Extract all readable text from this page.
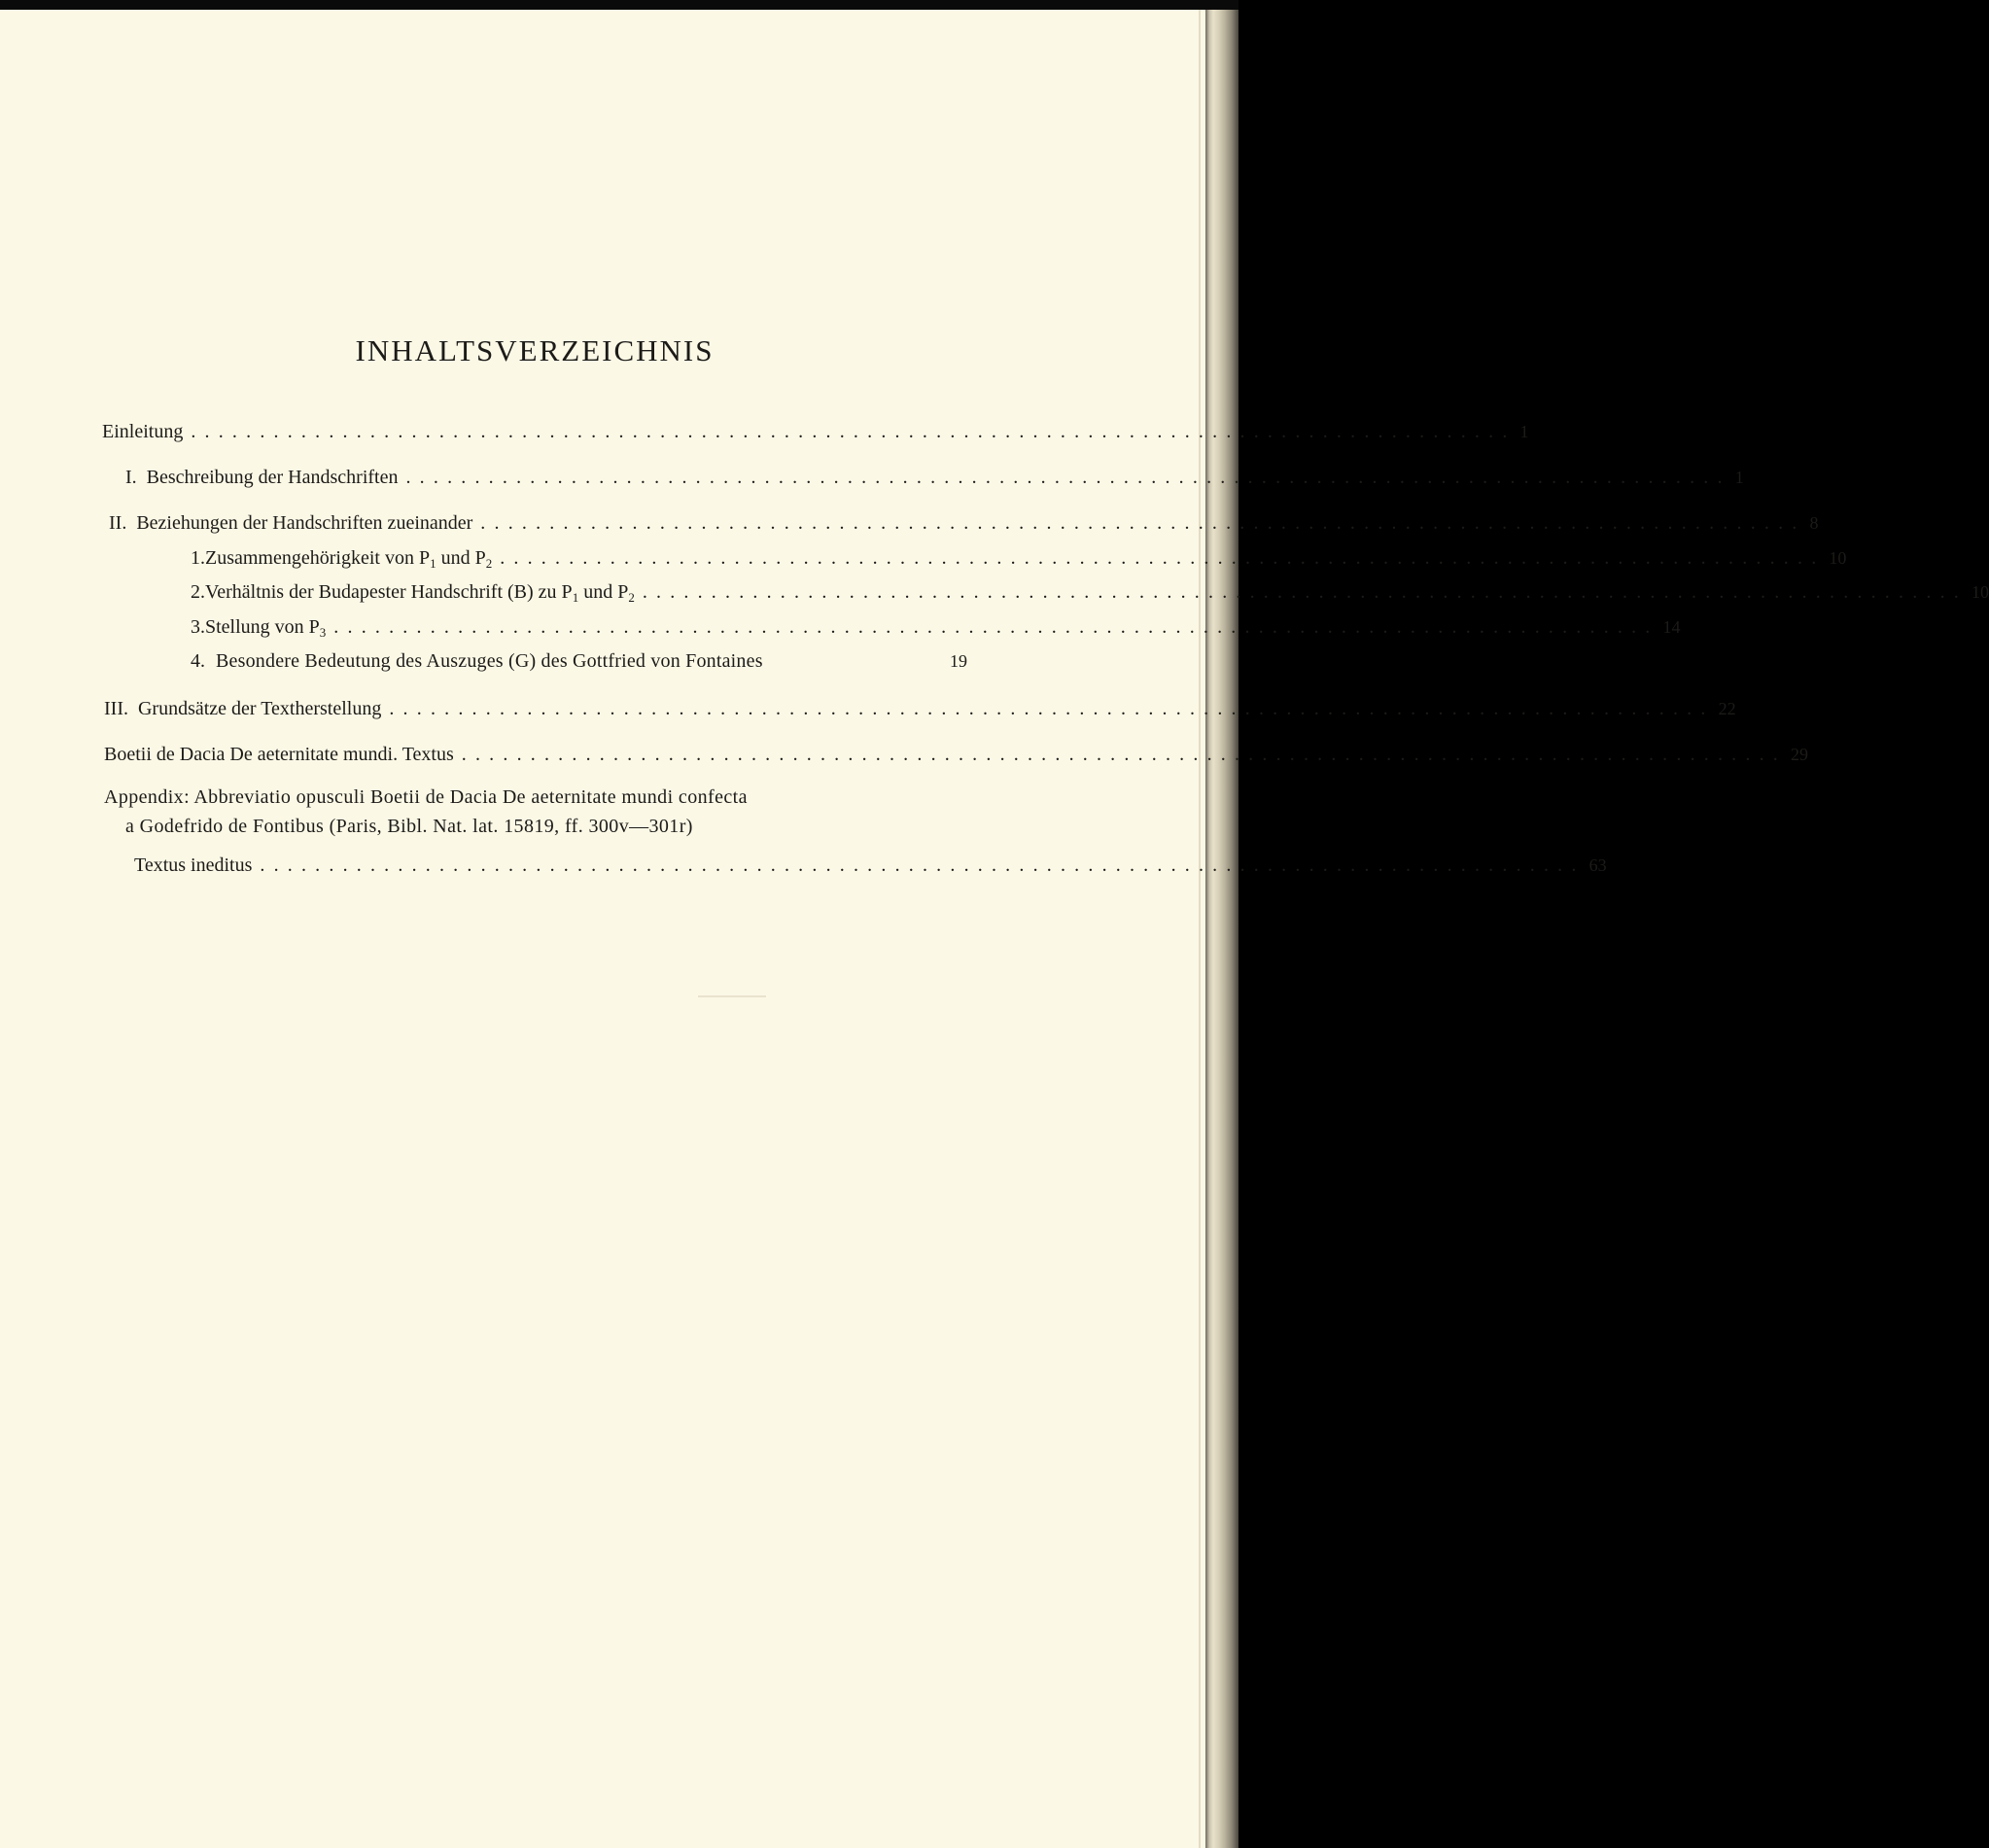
INHALTSVERZEICHNIS
Einleitung ................................................................................................ 1
I. Beschreibung der Handschriften ................................................................................................ 1
II. Beziehungen der Handschriften zueinander ................................................................................................ 8
1. Zusammengehörigkeit von $P_1$ und $P_2$ ................................................................................................ 10
2. Verhältnis der Budapester Handschrift (B) zu $P_1$ und $P_2$ ................................................................................................ 10
3. Stellung von $P_3$ ................................................................................................ 14
4. Besondere Bedeutung des Auszuges (G) des Gottfried von Fontaines	19
III. Grundsätze der Textherstellung ................................................................................................ 22
Boetii de Dacia De aeternitate mundi. Textus ................................................................................................ 29
Appendix: Abbreviatio opusculi Boetii de Dacia De aeternitate mundi confecta
a Godefrido de Fontibus (Paris, Bibl. Nat. lat. 15819, ff. 300v—301r)
Textus ineditus ................................................................................................ 63
